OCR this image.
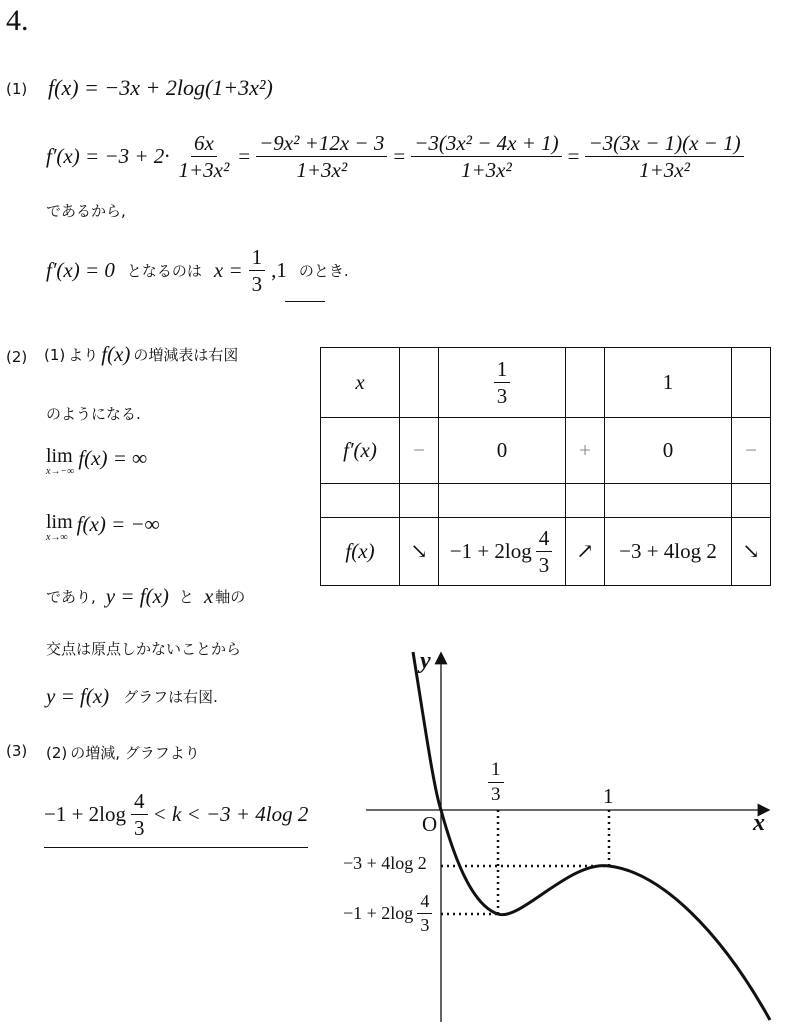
4.
(1) f(x) = −3x + 2log(1+3x²)
$f'(x) = -3 + 2\cdot \frac{6x}{\text{1+3x²}} = \frac{\text{−9x² +12x − 3}}{\text{1+3x²}} = \frac{\text{−3(3x² − 4x + 1)}}{\text{1+3x²}} = \frac{-3(3x - 1)(x - 1)}{\text{1+3x²}}$
であるから,
f′(x) = 0 となるのは $x = \frac{1}{3} ,1$ のとき.
(2) (1) より f(x) の増減表は右図
のようになる.
lim
x→−∞
f(x) = ∞
lim
x→∞
f(x) = −∞
であり, y = f(x) と x 軸の
交点は原点しかないことから
y = f(x) グラフは右図.
(3) (2) の増減, グラフより
$-1 + 2\log \frac{4}{3} < k < -3 + 4\log$ 2
x		$\frac{1}{3}$		1	
f′(x)	−	0	+	0	−

f(x)	↘	$-1 + 2\log \frac{4}{3}$	↗	−3 + 4log 2	↘
y
x
O
$\frac{1}{3}$	1
−3 + 4log 2
$-1 + 2\log \frac{4}{3}$
